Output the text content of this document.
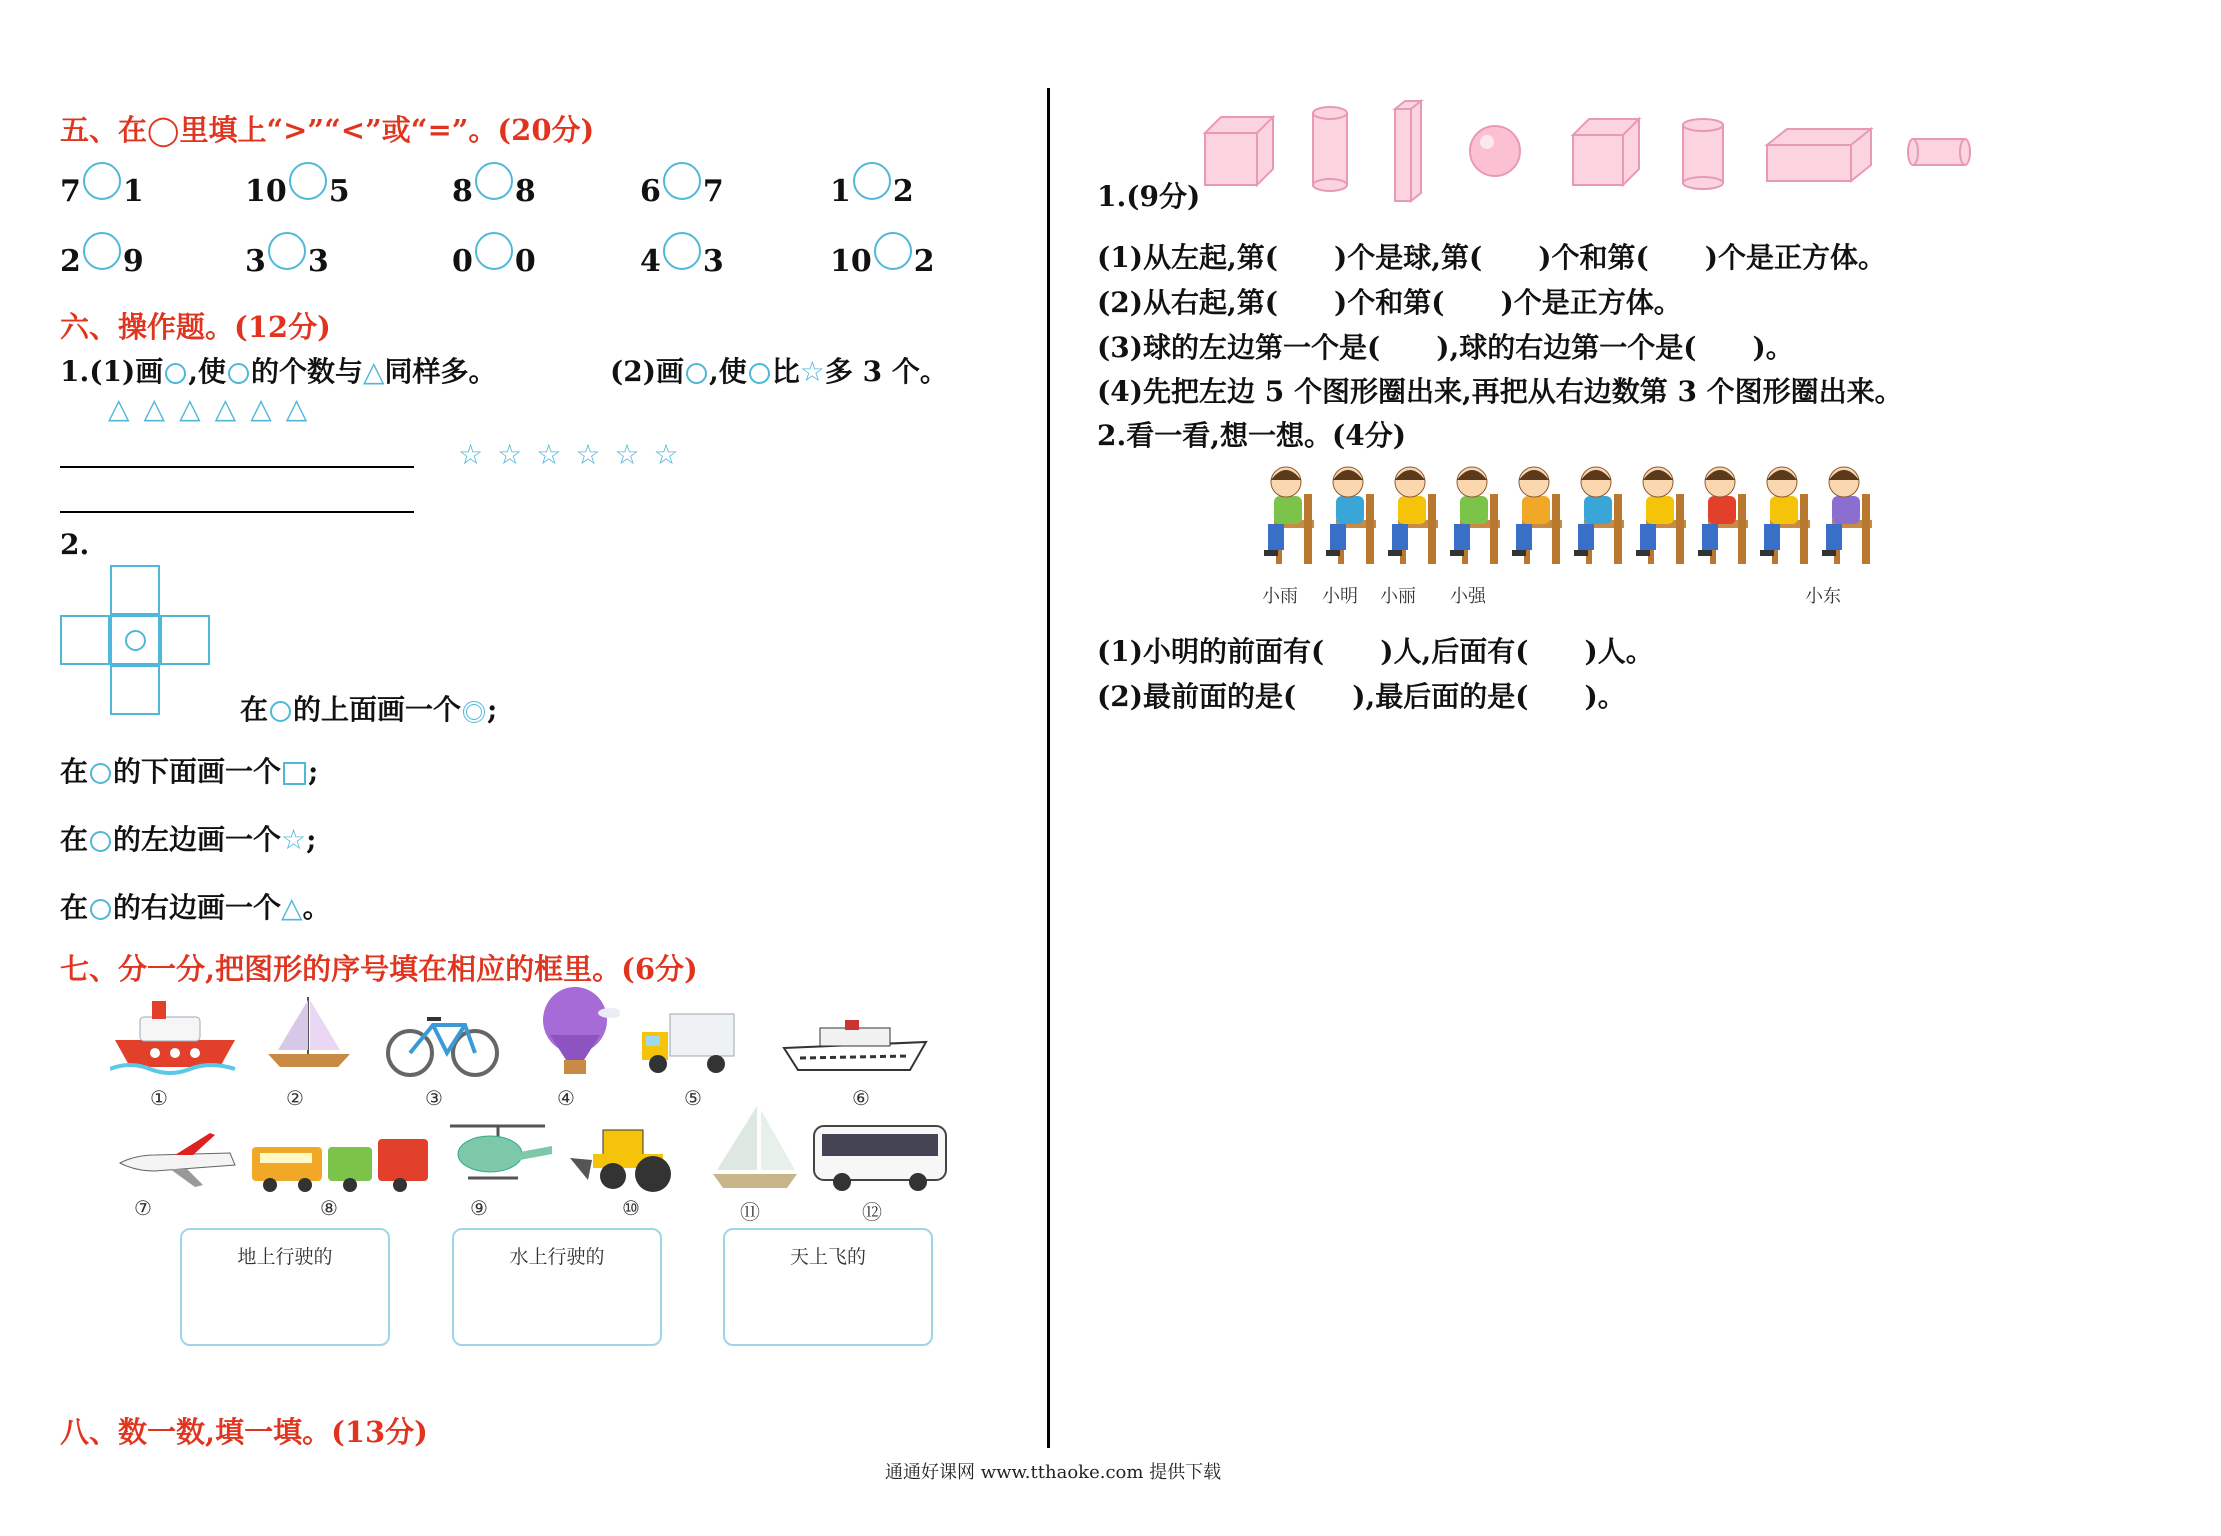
五、在◯里填上“>”“<”或“=”。(20分)
7 1	10 5	8 8	6 7	1 2
2 9	3 3	0 0	4 3	10 2
六、操作题。(12分)
1.(1)画 ,使 的个数与△同样多。	(2)画 ,使 比☆多 3 个。
△△△△△△
☆☆☆☆☆☆
2.
在 的上面画一个 ;
在 的下面画一个 ;
在 的左边画一个☆;
在 的右边画一个△。
七、分一分,把图形的序号填在相应的框里。(6分)
①	②	③	④	⑤	⑥
⑦	⑧	⑨	⑩	⑪	⑫
地上行驶的	水上行驶的	天上飞的
八、数一数,填一填。(13分)
1.(9分)
(1)从左起,第(　　)个是球,第(　　)个和第(　　)个是正方体。
(2)从右起,第(　　)个和第(　　)个是正方体。
(3)球的左边第一个是(　　),球的右边第一个是(　　)。
(4)先把左边 5 个图形圈出来,再把从右边数第 3 个图形圈出来。
2.看一看,想一想。(4分)
小雨 小明 小丽 小强	小东
(1)小明的前面有(　　)人,后面有(　　)人。
(2)最前面的是(　　),最后面的是(　　)。
通通好课网 www.tthaoke.com 提供下载
